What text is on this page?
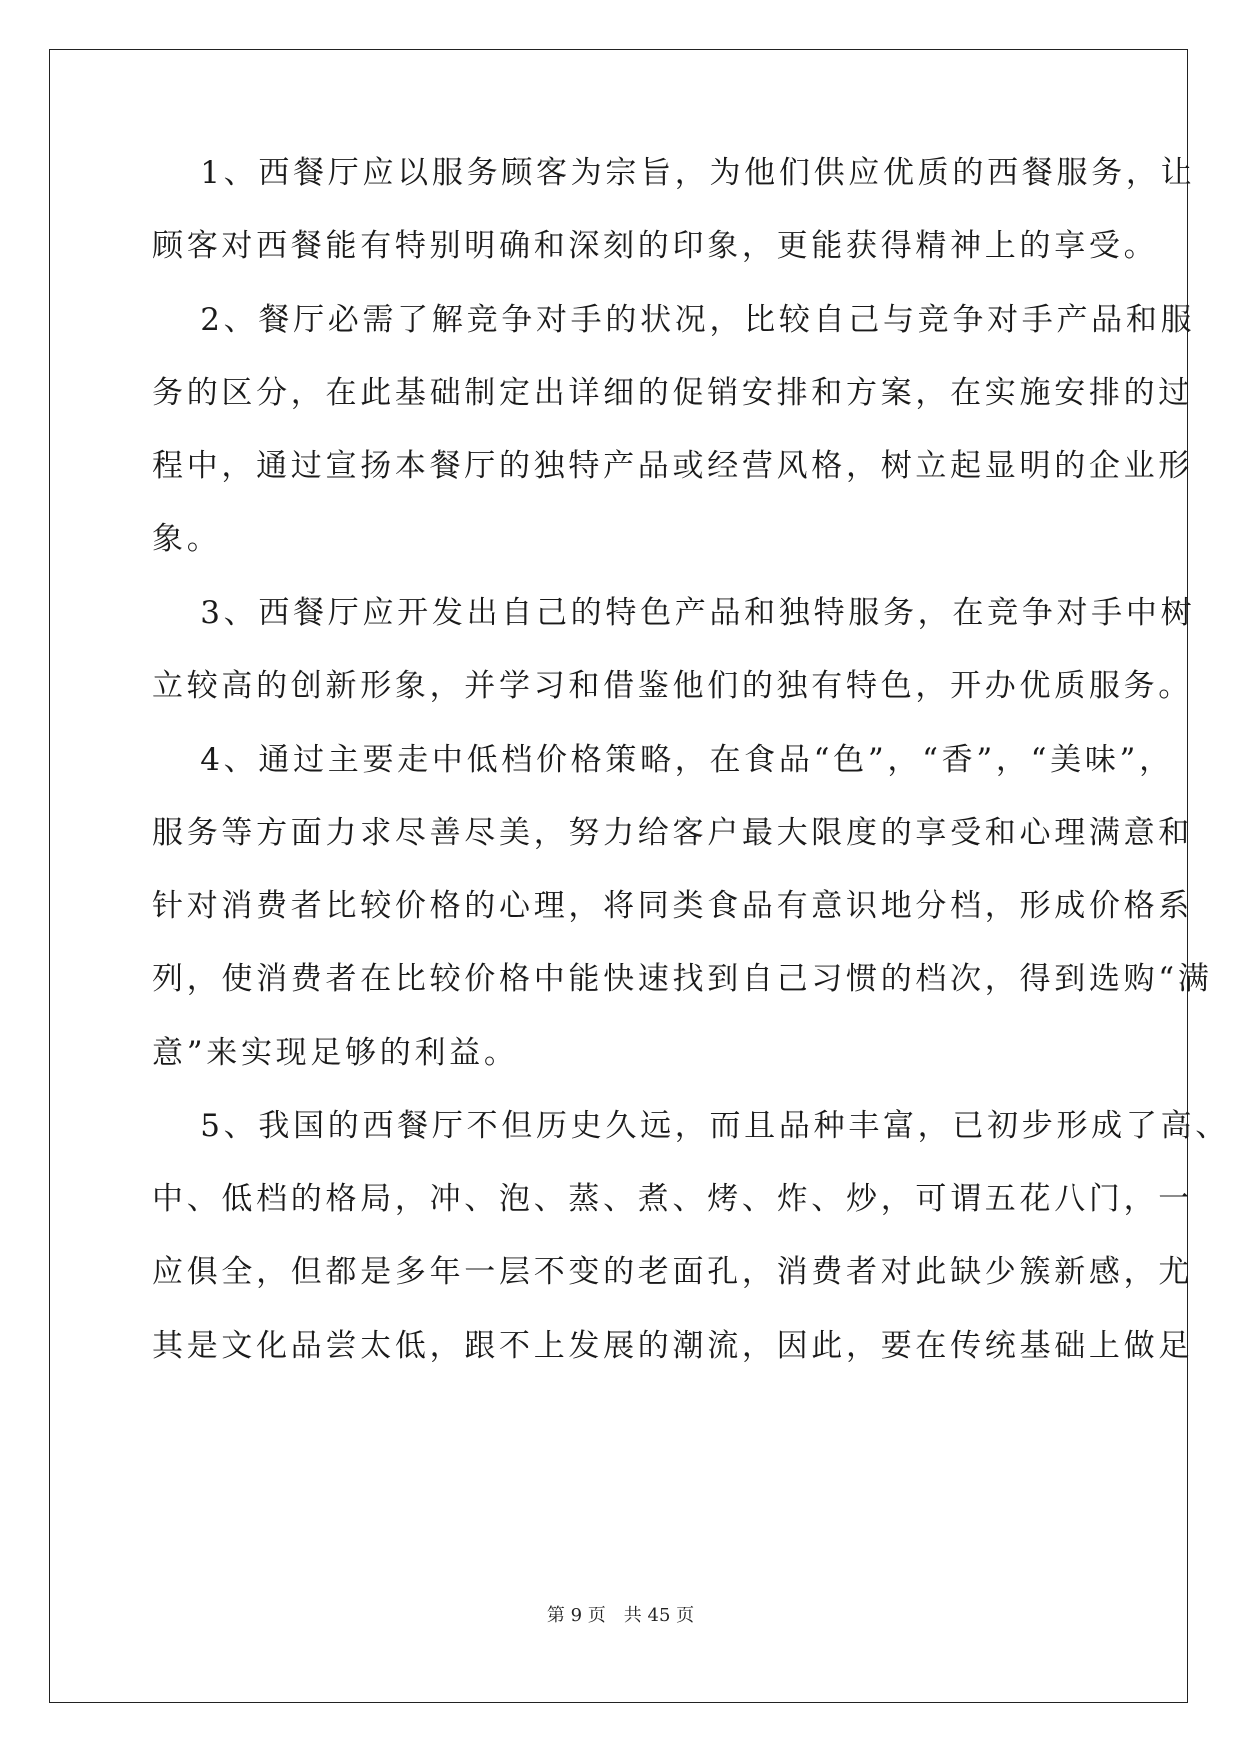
　 1、西餐厅应以服务顾客为宗旨，为他们供应优质的西餐服务，让
顾客对西餐能有特别明确和深刻的印象，更能获得精神上的享受。
　 2、餐厅必需了解竞争对手的状况，比较自己与竞争对手产品和服
务的区分，在此基础制定出详细的促销安排和方案，在实施安排的过
程中，通过宣扬本餐厅的独特产品或经营风格，树立起显明的企业形
象。
　 3、西餐厅应开发出自己的特色产品和独特服务，在竞争对手中树
立较高的创新形象，并学习和借鉴他们的独有特色，开办优质服务。
　 4、通过主要走中低档价格策略，在食品“色”，“香”，“美味”，
服务等方面力求尽善尽美，努力给客户最大限度的享受和心理满意和
针对消费者比较价格的心理，将同类食品有意识地分档，形成价格系
列，使消费者在比较价格中能快速找到自己习惯的档次，得到选购“满
意”来实现足够的利益。
　 5、我国的西餐厅不但历史久远，而且品种丰富，已初步形成了高、
中、低档的格局，冲、泡、蒸、煮、烤、炸、炒，可谓五花八门，一
应俱全，但都是多年一层不变的老面孔，消费者对此缺少簇新感，尤
其是文化品尝太低，跟不上发展的潮流，因此，要在传统基础上做足
第 9 页 共 45 页
